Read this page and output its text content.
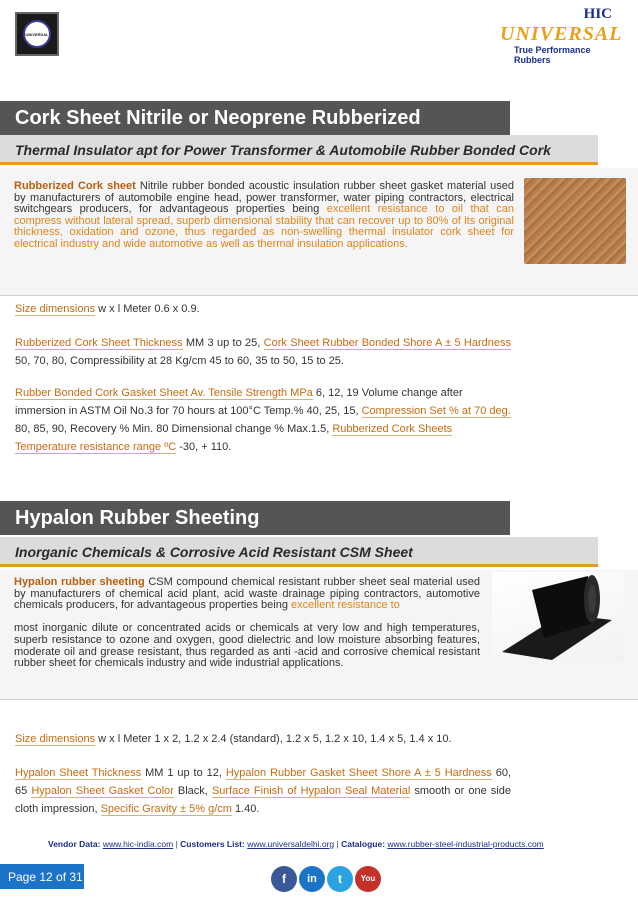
UNIVERSAL
HIC
UNIVERSAL
True Performance Rubbers
Cork Sheet Nitrile or Neoprene Rubberized
Thermal Insulator apt for Power Transformer & Automobile Rubber Bonded Cork
Rubberized Cork sheet Nitrile rubber bonded acoustic insulation rubber sheet gasket material used by manufacturers of automobile engine head, power transformer, water piping contractors, electrical switchgears producers, for advantageous properties being excellent resistance to oil that can compress without lateral spread, superb dimensional stability that can recover up to 80% of its original thickness, oxidation and ozone, thus regarded as non-swelling thermal insulator cork sheet for electrical industry and wide automotive as well as thermal insulation applications.
Size dimensions w x l Meter 0.6 x 0.9.
Rubberized Cork Sheet Thickness MM 3 up to 25, Cork Sheet Rubber Bonded Shore A ± 5 Hardness 50, 70, 80, Compressibility at 28 Kg/cm 45 to 60, 35 to 50, 15 to 25.
Rubber Bonded Cork Gasket Sheet Av. Tensile Strength MPa 6, 12, 19 Volume change after immersion in ASTM Oil No.3 for 70 hours at 100°C Temp.% 40, 25, 15, Compression Set % at 70 deg. 80, 85, 90, Recovery % Min. 80 Dimensional change % Max.1.5, Rubberized Cork Sheets Temperature resistance range ºC -30, + 110.
Hypalon Rubber Sheeting
Inorganic Chemicals & Corrosive Acid Resistant CSM Sheet
Hypalon rubber sheeting CSM compound chemical resistant rubber sheet seal material used by manufacturers of chemical acid plant, acid waste drainage piping contractors, automotive chemicals producers, for advantageous properties being excellent resistance to

most inorganic dilute or concentrated acids or chemicals at very low and high temperatures, superb resistance to ozone and oxygen, good dielectric and low moisture absorbing features, moderate oil and grease resistant, thus regarded as anti -acid and corrosive chemical resistant rubber sheet for chemicals industry and wide industrial applications.
Size dimensions w x l Meter 1 x 2, 1.2 x 2.4 (standard), 1.2 x 5, 1.2 x 10, 1.4 x 5, 1.4 x 10.
Hypalon Sheet Thickness MM 1 up to 12, Hypalon Rubber Gasket Sheet Shore A ± 5 Hardness 60, 65 Hypalon Sheet Gasket Color Black, Surface Finish of Hypalon Seal Material smooth or one side cloth impression, Specific Gravity ± 5% g/cm 1.40.
Vendor Data: www.hic-india.com | Customers List: www.universaldelhi.org | Catalogue: www.rubber-steel-industrial-products.com
Page 12 of 31	f	in	t	You
